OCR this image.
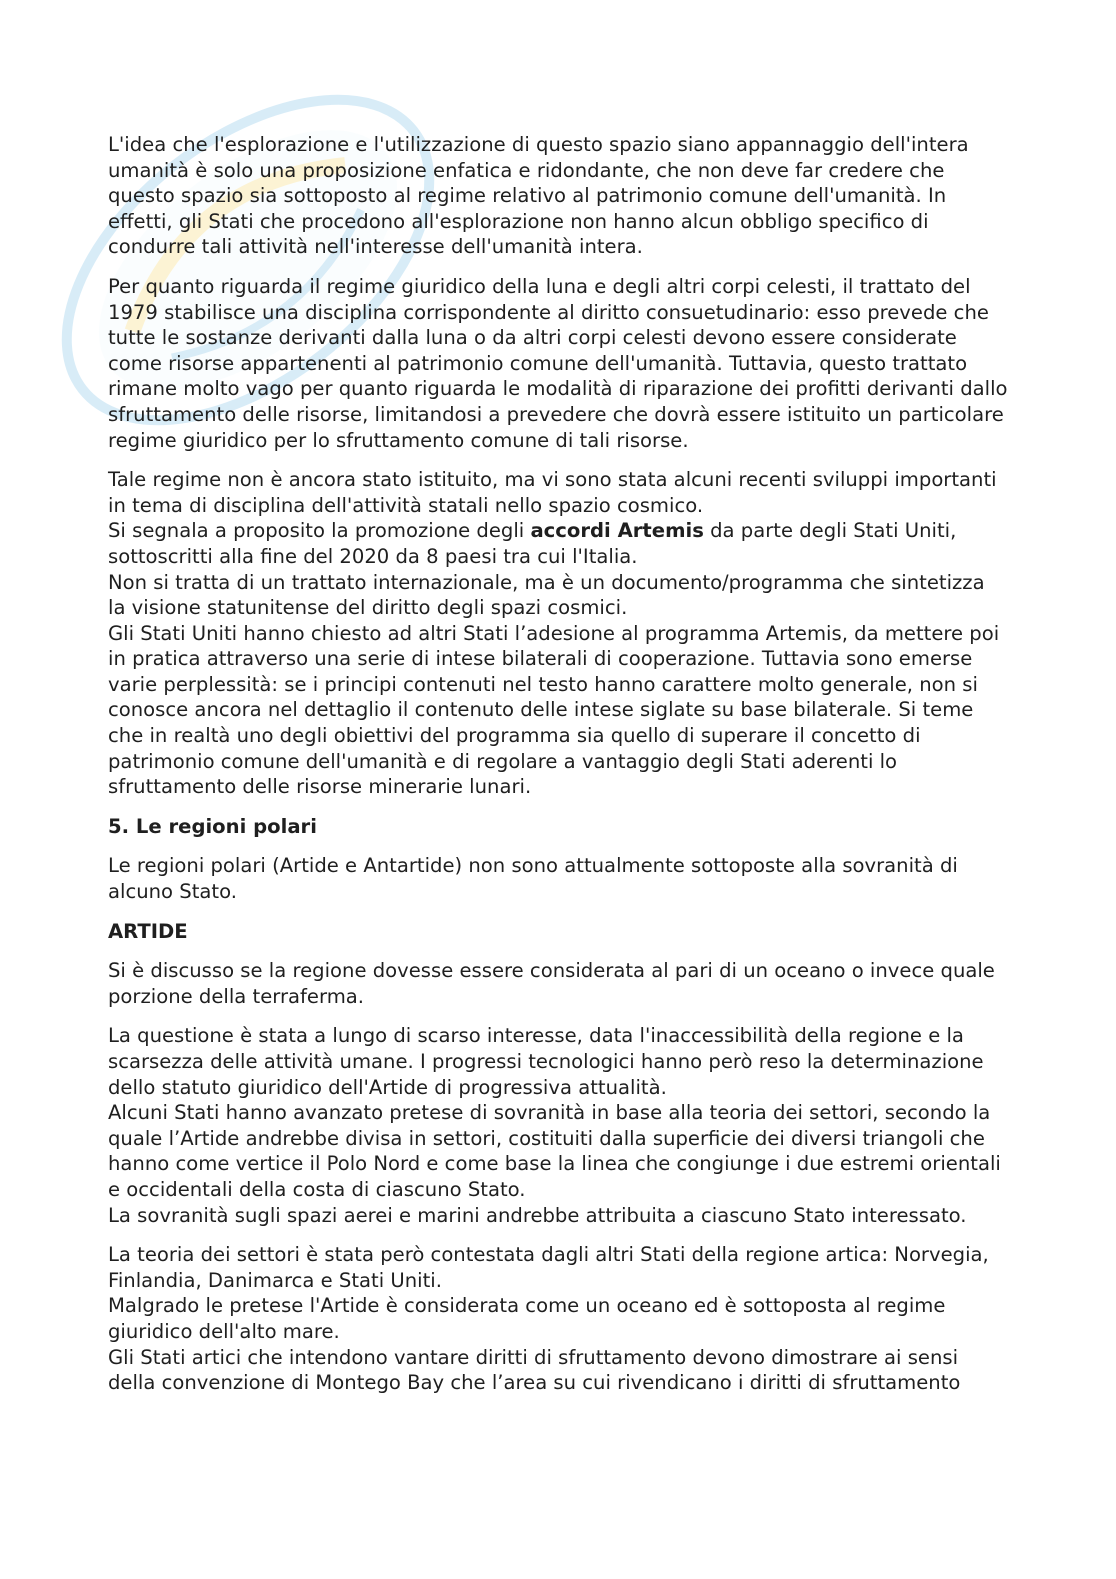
L'idea che l'esplorazione e l'utilizzazione di questo spazio siano appannaggio dell'intera umanità è solo una proposizione enfatica e ridondante, che non deve far credere che questo spazio sia sottoposto al regime relativo al patrimonio comune dell'umanità. In effetti, gli Stati che procedono all'esplorazione non hanno alcun obbligo specifico di condurre tali attività nell'interesse dell'umanità intera.

Per quanto riguarda il regime giuridico della luna e degli altri corpi celesti, il trattato del 1979 stabilisce una disciplina corrispondente al diritto consuetudinario: esso prevede che tutte le sostanze derivanti dalla luna o da altri corpi celesti devono essere considerate come risorse appartenenti al patrimonio comune dell'umanità. Tuttavia, questo trattato rimane molto vago per quanto riguarda le modalità di riparazione dei profitti derivanti dallo sfruttamento delle risorse, limitandosi a prevedere che dovrà essere istituito un particolare regime giuridico per lo sfruttamento comune di tali risorse.

Tale regime non è ancora stato istituito, ma vi sono stata alcuni recenti sviluppi importanti in tema di disciplina dell'attività statali nello spazio cosmico.
Si segnala a proposito la promozione degli accordi Artemis da parte degli Stati Uniti, sottoscritti alla fine del 2020 da 8 paesi tra cui l'Italia.
Non si tratta di un trattato internazionale, ma è un documento/programma che sintetizza la visione statunitense del diritto degli spazi cosmici.
Gli Stati Uniti hanno chiesto ad altri Stati l’adesione al programma Artemis, da mettere poi in pratica attraverso una serie di intese bilaterali di cooperazione. Tuttavia sono emerse varie perplessità: se i principi contenuti nel testo hanno carattere molto generale, non si conosce ancora nel dettaglio il contenuto delle intese siglate su base bilaterale. Si teme che in realtà uno degli obiettivi del programma sia quello di superare il concetto di patrimonio comune dell'umanità e di regolare a vantaggio degli Stati aderenti lo sfruttamento delle risorse minerarie lunari.

5. Le regioni polari

Le regioni polari (Artide e Antartide) non sono attualmente sottoposte alla sovranità di alcuno Stato.

ARTIDE

Si è discusso se la regione dovesse essere considerata al pari di un oceano o invece quale porzione della terraferma.

La questione è stata a lungo di scarso interesse, data l'inaccessibilità della regione e la scarsezza delle attività umane. I progressi tecnologici hanno però reso la determinazione dello statuto giuridico dell'Artide di progressiva attualità.
Alcuni Stati hanno avanzato pretese di sovranità in base alla teoria dei settori, secondo la quale l’Artide andrebbe divisa in settori, costituiti dalla superficie dei diversi triangoli che hanno come vertice il Polo Nord e come base la linea che congiunge i due estremi orientali e occidentali della costa di ciascuno Stato.
La sovranità sugli spazi aerei e marini andrebbe attribuita a ciascuno Stato interessato.

La teoria dei settori è stata però contestata dagli altri Stati della regione artica: Norvegia, Finlandia, Danimarca e Stati Uniti.
Malgrado le pretese l'Artide è considerata come un oceano ed è sottoposta al regime giuridico dell'alto mare.
Gli Stati artici che intendono vantare diritti di sfruttamento devono dimostrare ai sensi della convenzione di Montego Bay che l’area su cui rivendicano i diritti di sfruttamento
